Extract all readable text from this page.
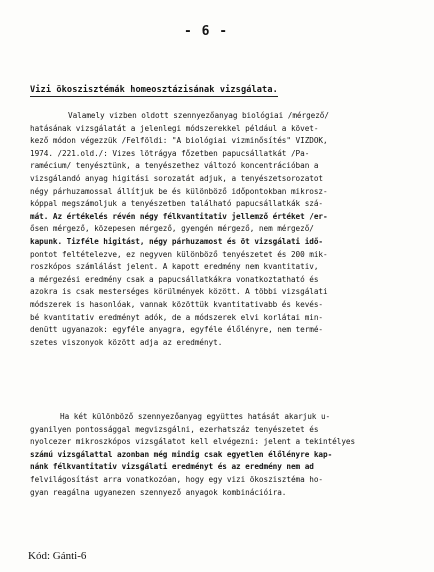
- 6 -
Vizi ökoszisztémák homeosztázisának vizsgálata.
Valamely vizben oldott szennyezőanyag biológiai /mérgező/
hatásának vizsgálatát a jelenlegi módszerekkel például a követ-
kező módon végezzük /Felföldi: "A biológiai vizminősítés" VIZDOK,
1974. /221.old./: Vizes lötrágya főzetben papucsállatkát /Pa-
ramécium/ tenyésztünk, a tenyészethez változó koncentrációban a
vizsgálandó anyag higitási sorozatát adjuk, a tenyészetsorozatot
négy párhuzamossal állítjuk be és különböző időpontokban mikrosz-
kóppal megszámoljuk a tenyészetben található papucsállatkák szá-
mát. Az értékelés révén négy félkvantitativ jellemző értéket /er-
ősen mérgező, közepesen mérgező, gyengén mérgező, nem mérgező/
kapunk. Tizféle higitást, négy párhuzamost és öt vizsgálati idő-
pontot feltételezve, ez negyven különböző tenyészetet és 200 mik-
roszkópos számlálást jelent. A kapott eredmény nem kvantitativ,
a mérgezési eredmény csak a papucsállatkákra vonatkoztatható és
azokra is csak mesterséges körülmények között. A többi vizsgálati
módszerek is hasonlóak, vannak közöttük kvantitativabb és kevés-
bé kvantitativ eredményt adók, de a módszerek elvi korlátai min-
denütt ugyanazok: egyféle anyagra, egyféle élőlényre, nem termé-
szetes viszonyok között adja az eredményt.
Ha két különböző szennyezőanyag együttes hatását akarjuk u-
gyanilyen pontossággal megvizsgálni, ezerhatszáz tenyészetet és
nyolcezer mikroszkópos vizsgálatot kell elvégezni: jelent a tekintélyes
számú vizsgálattal azonban még mindig csak egyetlen élőlényre kap-
nánk félkvantitativ vizsgálati eredményt és az eredmény nem ad
felvilágosítást arra vonatkozóan, hogy egy vizi ökoszisztéma ho-
gyan reagálna ugyanezen szennyező anyagok kombinációira.
Kód: Gánti-6
